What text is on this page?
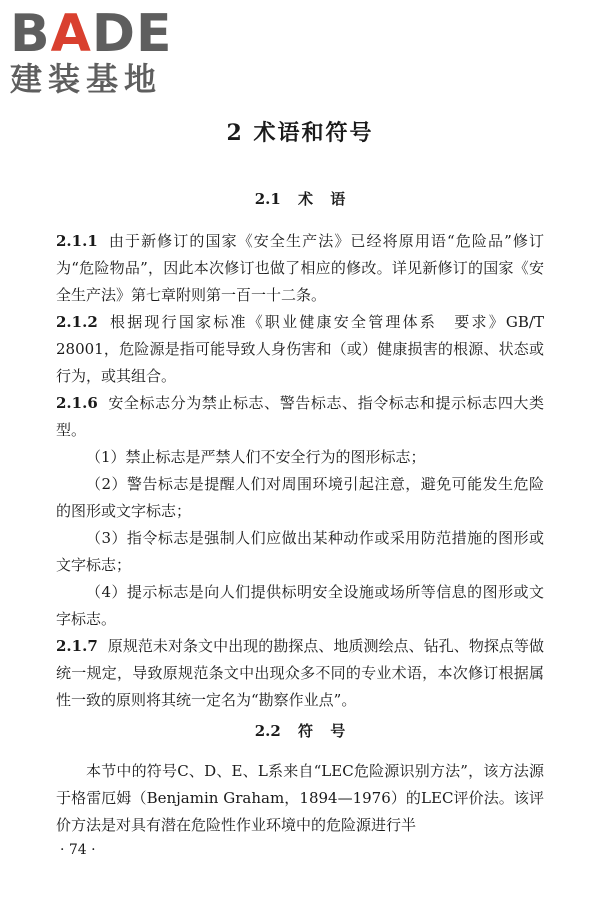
BADE
建装基地
2 术语和符号
2.1 术 语

2.1.1 由于新修订的国家《安全生产法》已经将原用语“危险品”修订为“危险物品”，因此本次修订也做了相应的修改。详见新修订的国家《安全生产法》第七章附则第一百一十二条。

2.1.2 根据现行国家标准《职业健康安全管理体系　要求》GB/T 28001，危险源是指可能导致人身伤害和（或）健康损害的根源、状态或行为，或其组合。

2.1.6 安全标志分为禁止标志、警告标志、指令标志和提示标志四大类型。

（1）禁止标志是严禁人们不安全行为的图形标志；

（2）警告标志是提醒人们对周围环境引起注意，避免可能发生危险的图形或文字标志；

（3）指令标志是强制人们应做出某种动作或采用防范措施的图形或文字标志；

（4）提示标志是向人们提供标明安全设施或场所等信息的图形或文字标志。

2.1.7 原规范未对条文中出现的勘探点、地质测绘点、钻孔、物探点等做统一规定，导致原规范条文中出现众多不同的专业术语，本次修订根据属性一致的原则将其统一定名为“勘察作业点”。

2.2 符 号

本节中的符号C、D、E、L系来自“LEC危险源识别方法”，该方法源于格雷厄姆（Benjamin Graham，1894—1976）的LEC评价法。该评价方法是对具有潜在危险性作业环境中的危险源进行半

· 74 ·
